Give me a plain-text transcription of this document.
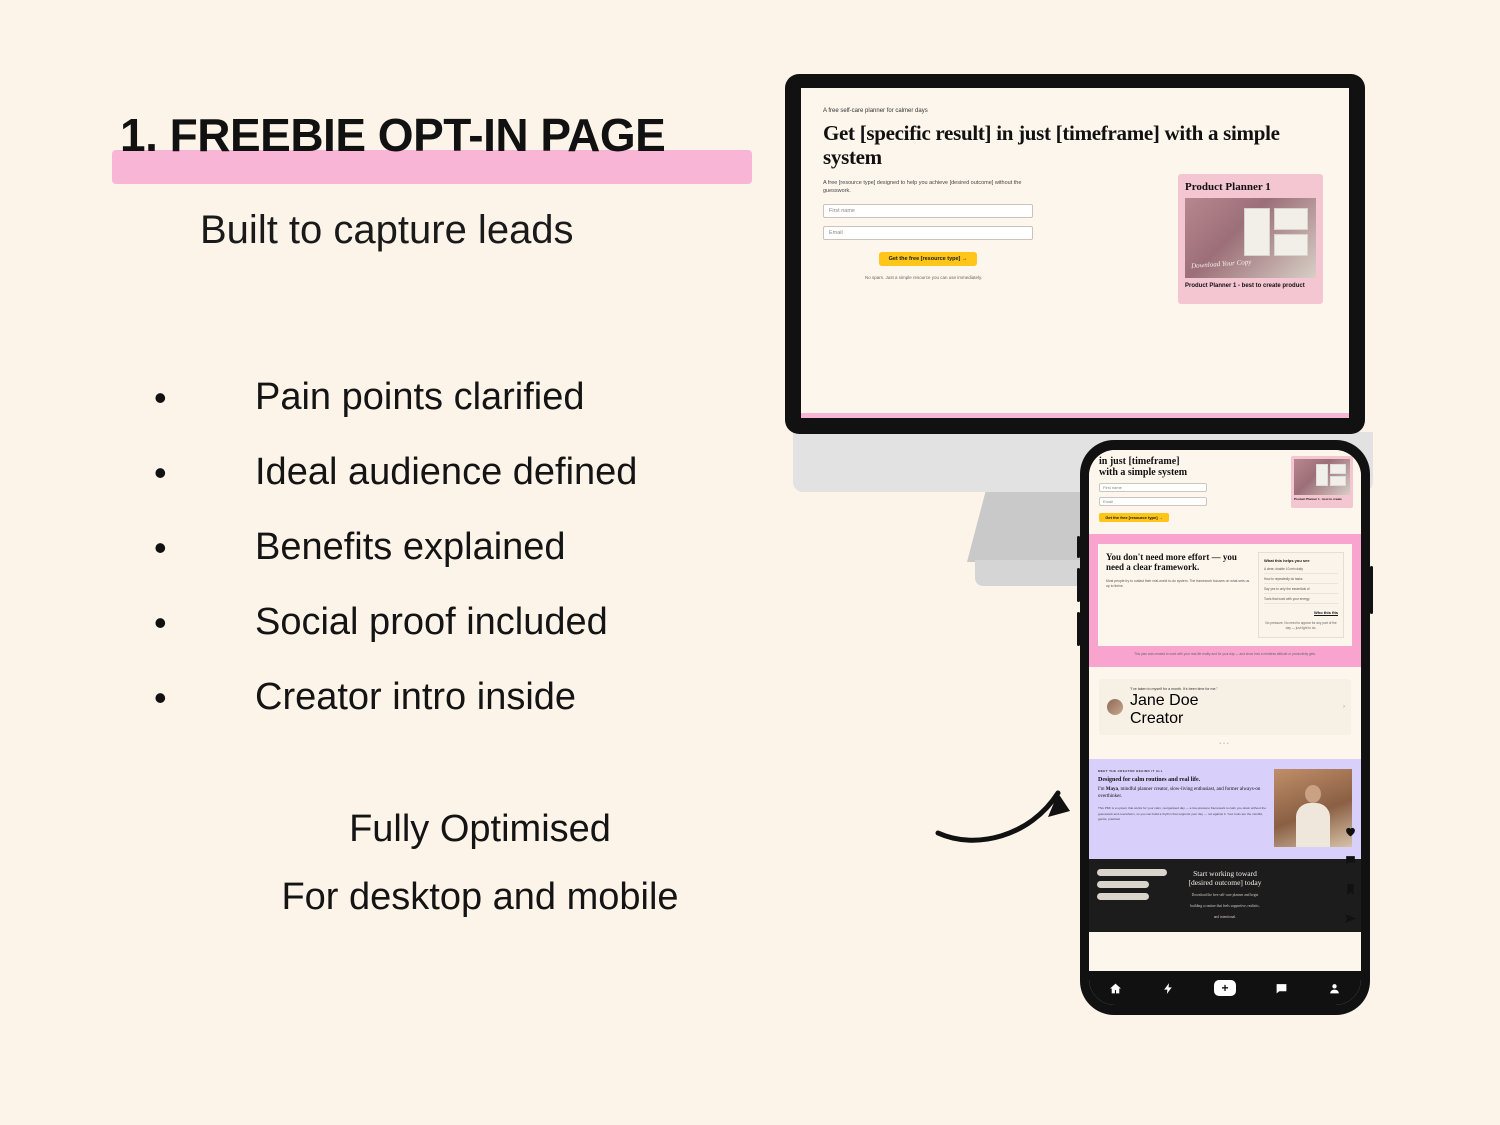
1. FREEBIE OPT-IN PAGE
Built to capture leads
•	Pain points clarified
•	Ideal audience defined
•	Benefits explained
•	Social proof included
•	Creator intro inside
Fully Optimised
For desktop and mobile
A free self-care planner for calmer days
Get [specific result] in just [timeframe] with a simple system
A free [resource type] designed to help you achieve [desired outcome] without the guesswork.
First name
Email
Get the free [resource type] →
No spam. Just a simple resource you can use immediately.
Product Planner 1
Download Your Copy
Product Planner 1 - best to create product
in just [timeframe]
with a simple system
First name
Email
Get the free [resource type] →
Product Planner 1 - best to create
You don't need more effort — you need a clear framework.
Most people try to outlast their real-world to-do system. The framework focuses on what sets us up to thrive.
What this helps you see
A clear, doable 10-min daily
How to repeatedly do tasks
Say yes to only the essentials of
Tools that work with your energy
Who this fits
No pressure, No need to appear for any part of the day — just light to do.
This plan was created to work with your real-life reality and for your day — and show how a mindless attitude or productivity gets.
"I've taken to myself for a month. It's been time for me."
Jane Doe
Creator
›
•••
MEET THE CREATOR BEHIND IT ALL
Designed for calm routines and real life.
I'm Maya, mindful planner creator, slow-living enthusiast, and former always-on overthinker.
This PDF is a system that works for your calm, reorganised day — a low-pressure framework to calm you down without the guesswork and overwhelm, so you can build a rhythm that supports your day — not against it. Your tools are the mindful, gentle, practical.
Start working toward
[desired outcome] today
Download the free self-care planner and begin
building a routine that feels supportive, realistic,
and intentional.
+
